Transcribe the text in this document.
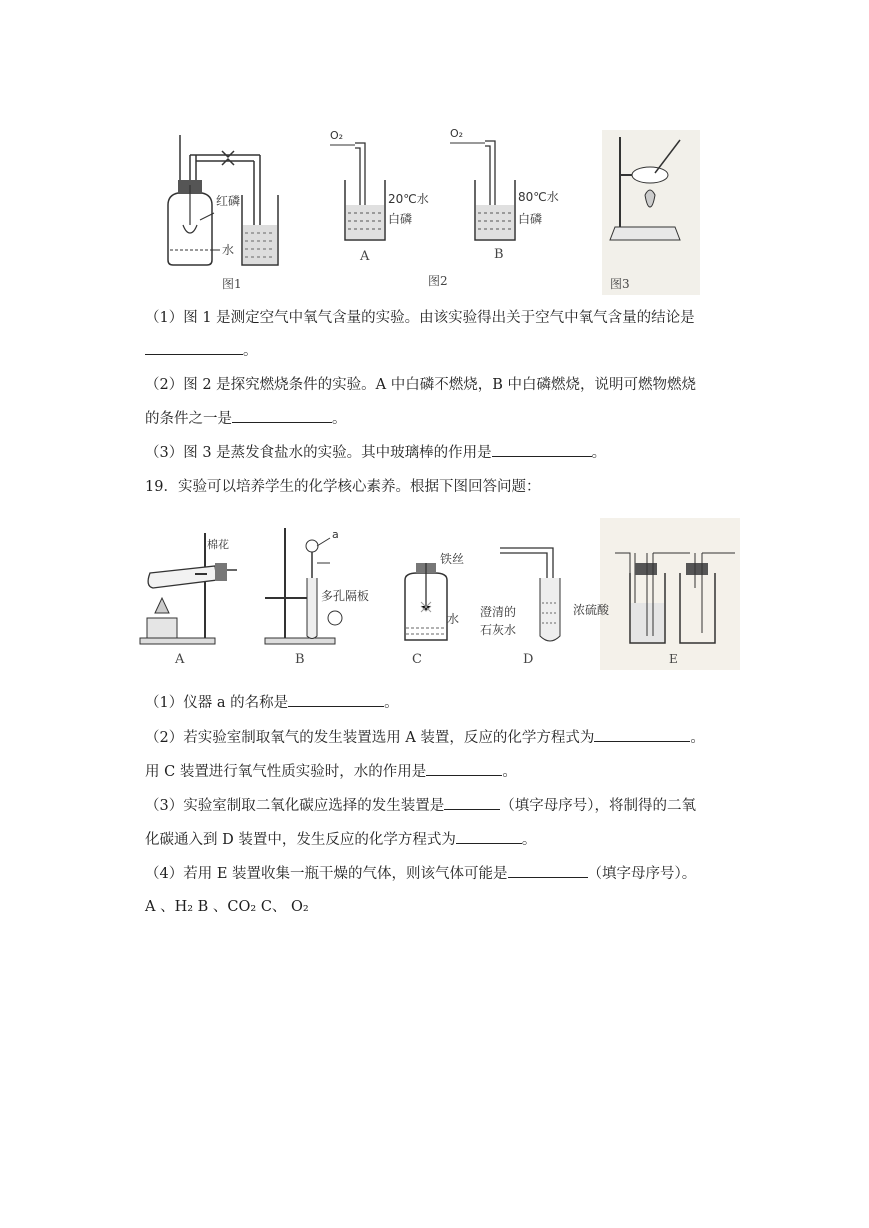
红磷
水
图1
O₂
20℃水
白磷
A
O₂
80℃水
白磷
B
图2	图3
（1）图 1 是测定空气中氧气含量的实验。由该实验得出关于空气中氧气含量的结论是
。
（2）图 2 是探究燃烧条件的实验。A 中白磷不燃烧，B 中白磷燃烧，说明可燃物燃烧
的条件之一是	。
（3）图 3 是蒸发食盐水的实验。其中玻璃棒的作用是	。
19．实验可以培养学生的化学核心素养。根据下图回答问题：
棉花
A
a
多孔隔板
B
铁丝
水
C
澄清的
石灰水
D
浓硫酸
E
（1）仪器 a 的名称是	。
（2）若实验室制取氧气的发生装置选用 A 装置，反应的化学方程式为	。
用 C 装置进行氧气性质实验时，水的作用是	。
（3）实验室制取二氧化碳应选择的发生装置是	（填字母序号），将制得的二氧
化碳通入到 D 装置中，发生反应的化学方程式为	。
（4）若用 E 装置收集一瓶干燥的气体，则该气体可能是	（填字母序号）。
A 、H₂ B 、CO₂ C、 O₂
